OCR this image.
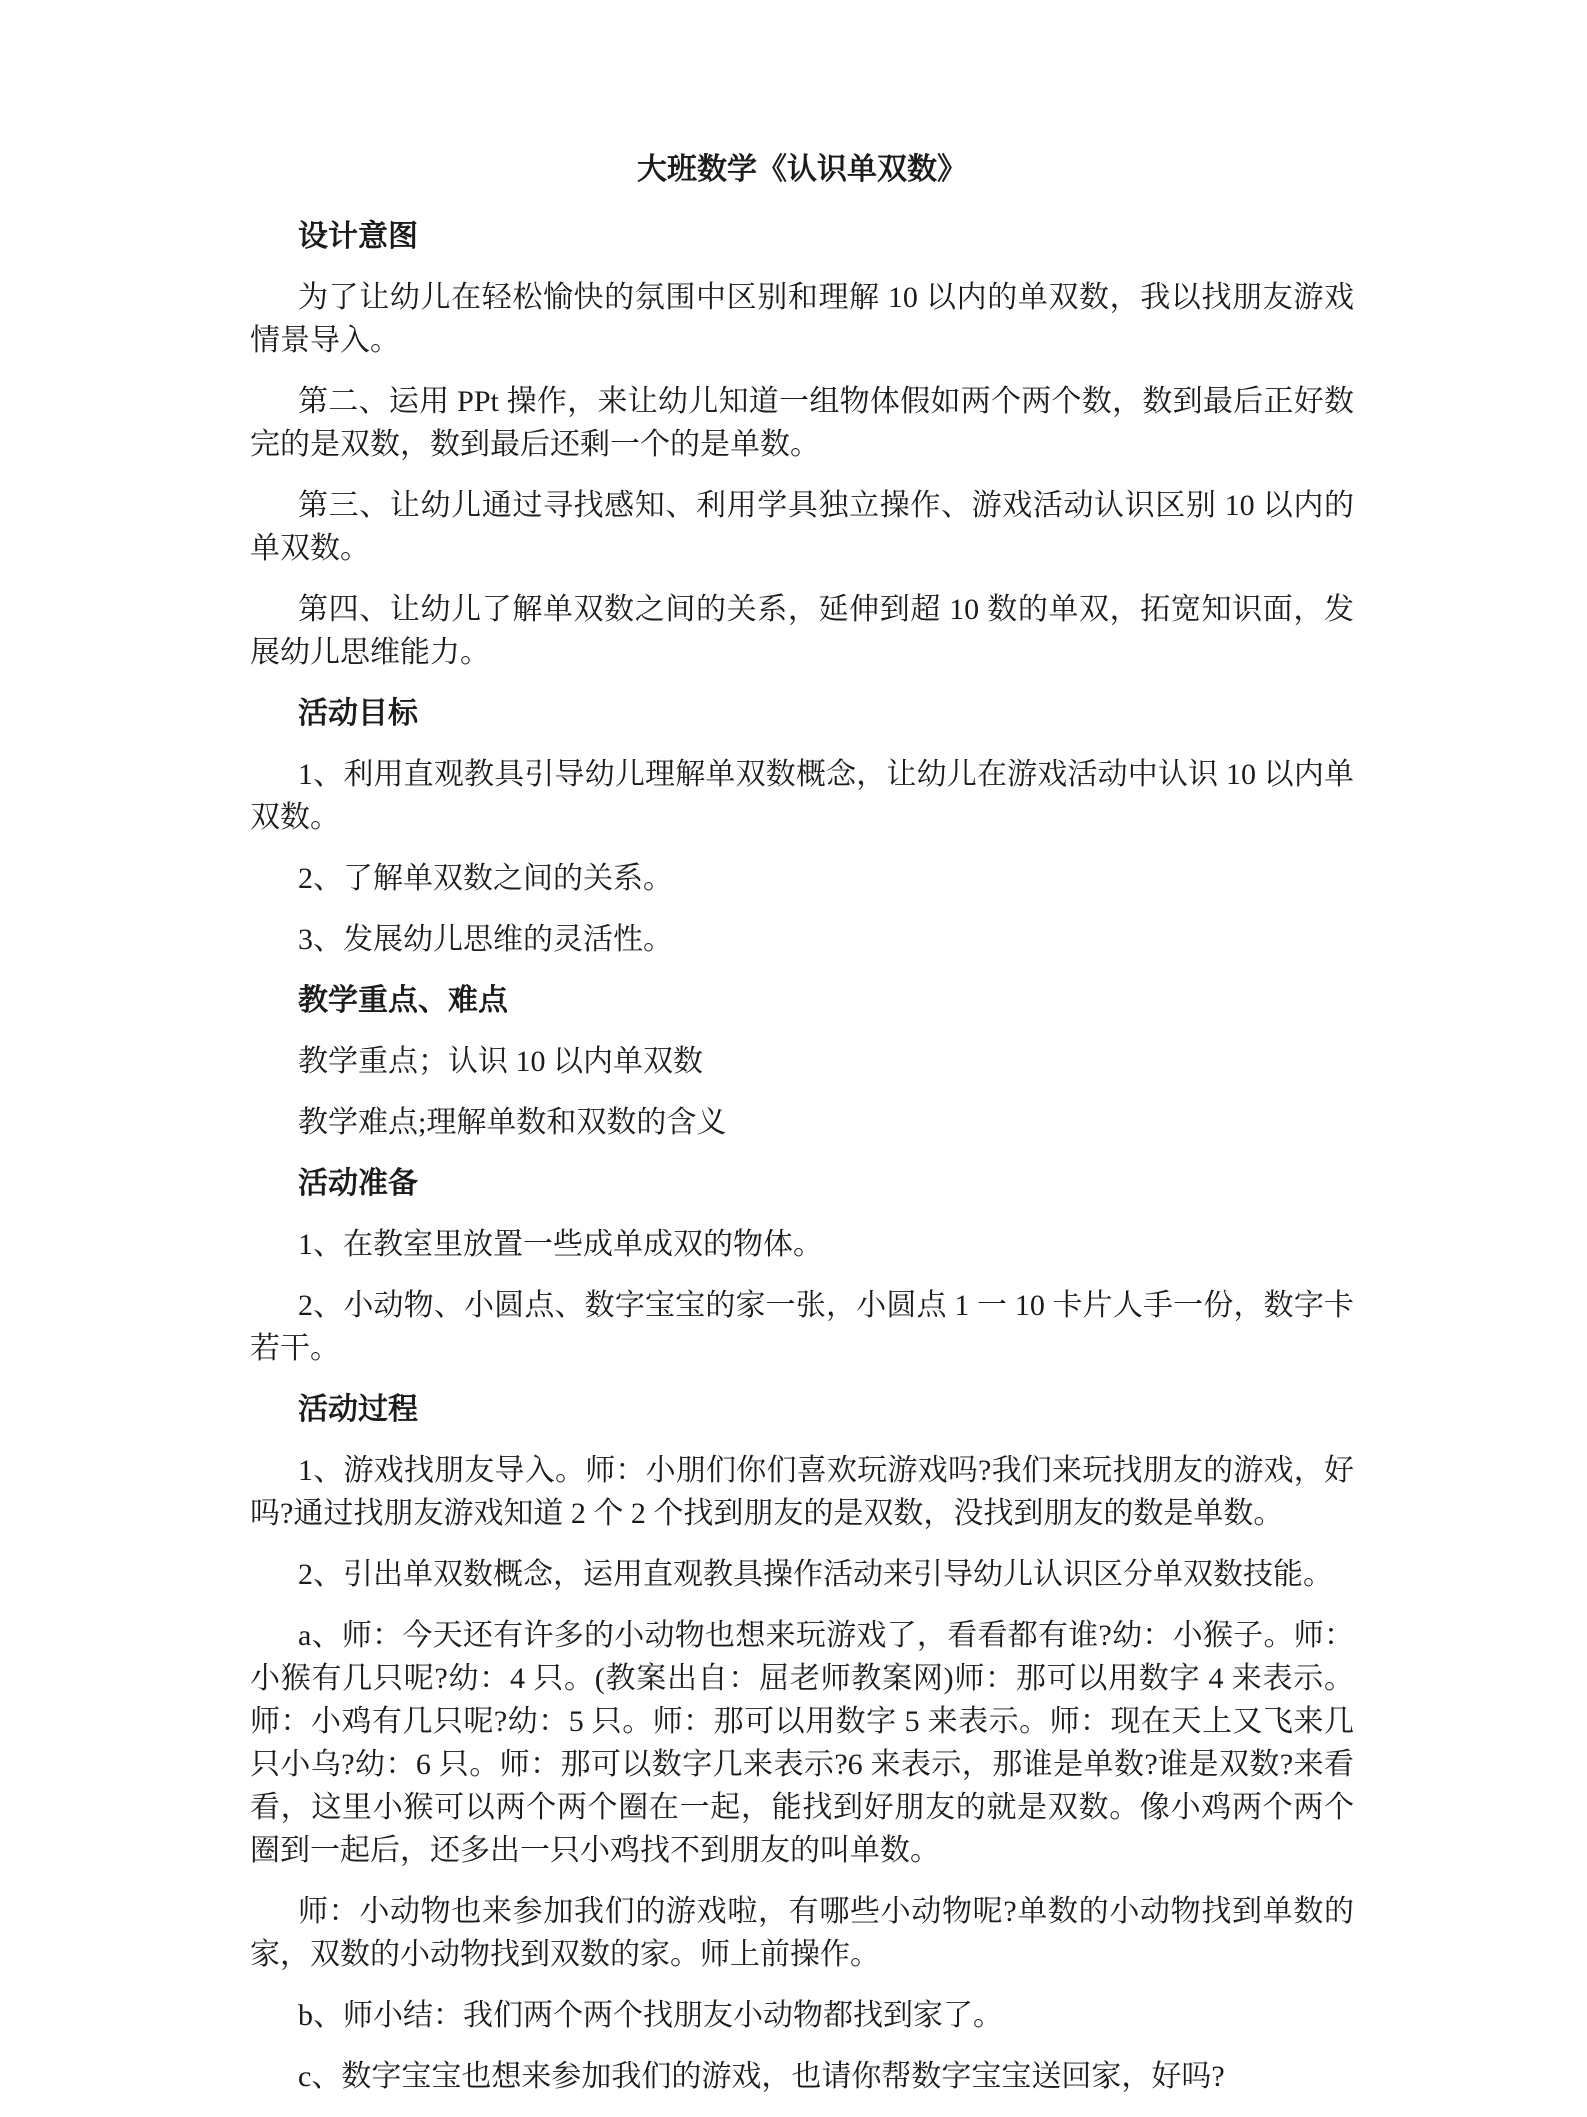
大班数学《认识单双数》
设计意图

为了让幼儿在轻松愉快的氛围中区别和理解 10 以内的单双数，我以找朋友游戏情景导入。

第二、运用 PPt 操作，来让幼儿知道一组物体假如两个两个数，数到最后正好数完的是双数，数到最后还剩一个的是单数。

第三、让幼儿通过寻找感知、利用学具独立操作、游戏活动认识区别 10 以内的单双数。

第四、让幼儿了解单双数之间的关系，延伸到超 10 数的单双，拓宽知识面，发展幼儿思维能力。

活动目标

1、利用直观教具引导幼儿理解单双数概念，让幼儿在游戏活动中认识 10 以内单双数。

2、了解单双数之间的关系。

3、发展幼儿思维的灵活性。

教学重点、难点

教学重点；认识 10 以内单双数

教学难点;理解单数和双数的含义

活动准备

1、在教室里放置一些成单成双的物体。

2、小动物、小圆点、数字宝宝的家一张，小圆点 1 一 10 卡片人手一份，数字卡若干。

活动过程

1、游戏找朋友导入。师：小朋们你们喜欢玩游戏吗?我们来玩找朋友的游戏，好吗?通过找朋友游戏知道 2 个 2 个找到朋友的是双数，没找到朋友的数是单数。

2、引出单双数概念，运用直观教具操作活动来引导幼儿认识区分单双数技能。

a、师：今天还有许多的小动物也想来玩游戏了，看看都有谁?幼：小猴子。师：小猴有几只呢?幼：4 只。(教案出自：屈老师教案网)师：那可以用数字 4 来表示。师：小鸡有几只呢?幼：5 只。师：那可以用数字 5 来表示。师：现在天上又飞来几只小乌?幼：6 只。师：那可以数字几来表示?6 来表示，那谁是单数?谁是双数?来看看，这里小猴可以两个两个圈在一起，能找到好朋友的就是双数。像小鸡两个两个圈到一起后，还多出一只小鸡找不到朋友的叫单数。

师：小动物也来参加我们的游戏啦，有哪些小动物呢?单数的小动物找到单数的家，双数的小动物找到双数的家。师上前操作。

b、师小结：我们两个两个找朋友小动物都找到家了。

c、数字宝宝也想来参加我们的游戏，也请你帮数字宝宝送回家，好吗?
